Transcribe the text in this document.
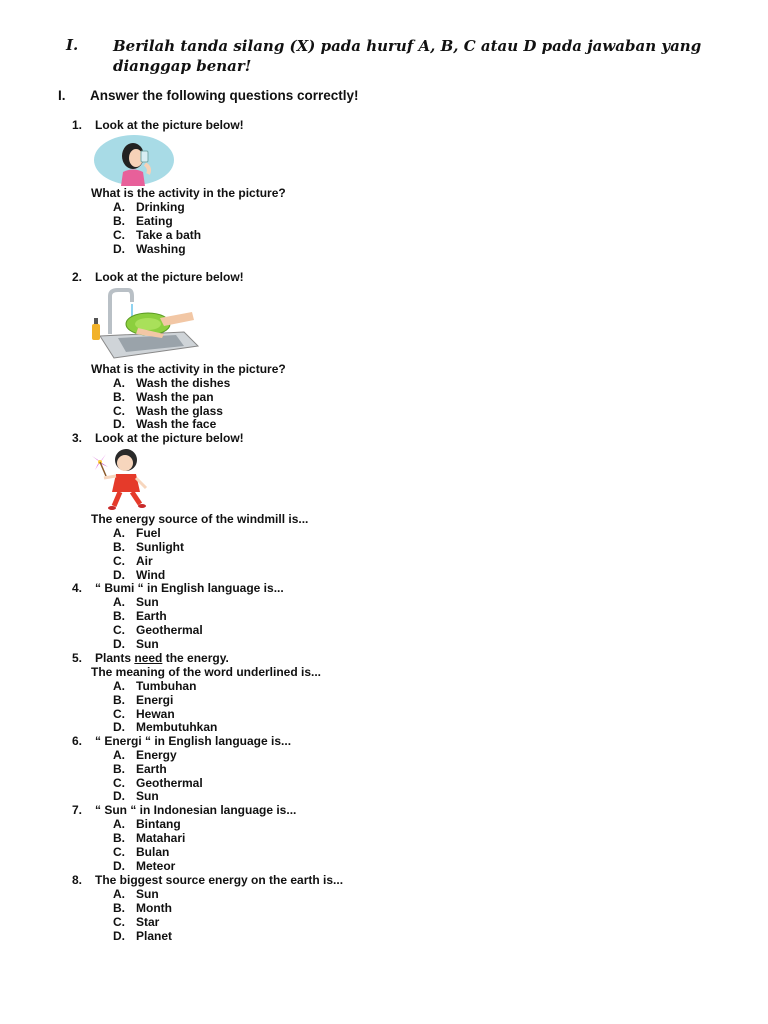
I. Berilah tanda silang (X) pada huruf A, B, C atau D pada jawaban yang dianggap benar!
I. Answer the following questions correctly!
1. Look at the picture below!
What is the activity in the picture?
A. Drinking
B. Eating
C. Take a bath
D. Washing
2. Look at the picture below!
What is the activity in the picture?
A. Wash the dishes
B. Wash the pan
C. Wash the glass
D. Wash the face
3. Look at the picture below!
The energy source of the windmill is...
A. Fuel
B. Sunlight
C. Air
D. Wind
4. “ Bumi “ in English language is...
A. Sun
B. Earth
C. Geothermal
D. Sun
5. Plants need the energy.
The meaning of the word underlined is...
A. Tumbuhan
B. Energi
C. Hewan
D. Membutuhkan
6. “ Energi “ in English language is...
A. Energy
B. Earth
C. Geothermal
D. Sun
7. “ Sun “ in Indonesian language is...
A. Bintang
B. Matahari
C. Bulan
D. Meteor
8. The biggest source energy on the earth is...
A. Sun
B. Month
C. Star
D. Planet
